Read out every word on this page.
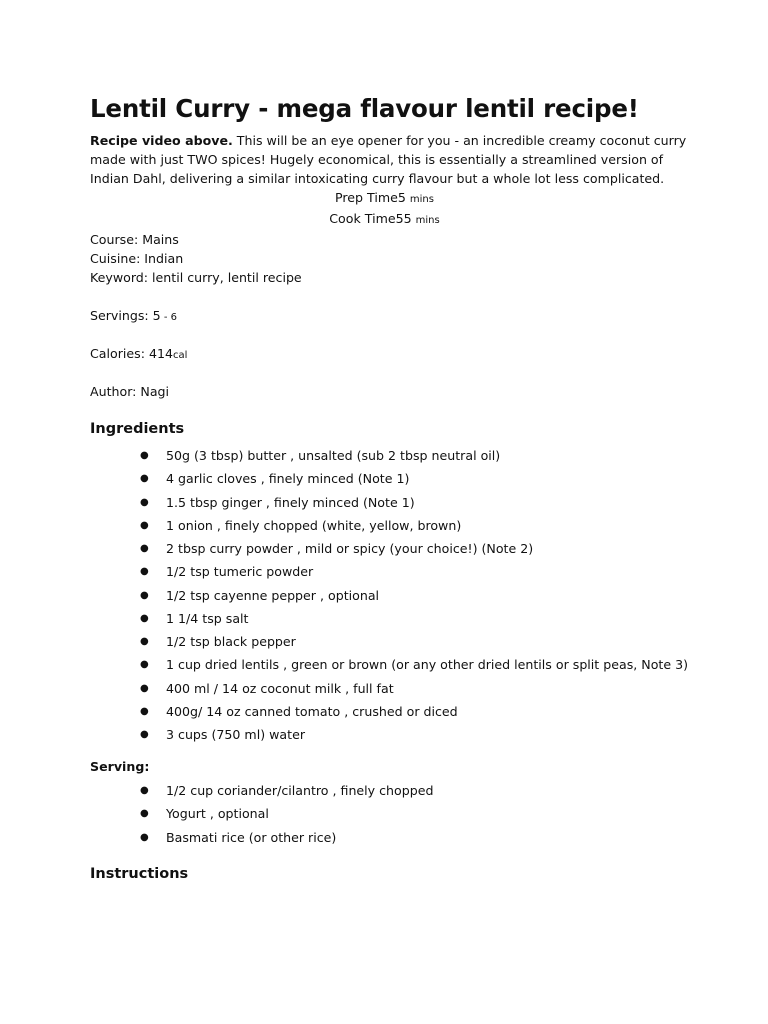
Lentil Curry - mega flavour lentil recipe!

Recipe video above. This will be an eye opener for you - an incredible creamy coconut curry made with just TWO spices! Hugely economical, this is essentially a streamlined version of Indian Dahl, delivering a similar intoxicating curry flavour but a whole lot less complicated.

Prep Time5 mins
Cook Time55 mins
Course: Mains
Cuisine: Indian
Keyword: lentil curry, lentil recipe
Servings: 5 - 6
Calories: 414cal
Author: Nagi
Ingredients
● 50g (3 tbsp) butter , unsalted (sub 2 tbsp neutral oil)
● 4 garlic cloves , finely minced (Note 1)
● 1.5 tbsp ginger , finely minced (Note 1)
● 1 onion , finely chopped (white, yellow, brown)
● 2 tbsp curry powder , mild or spicy (your choice!) (Note 2)
● 1/2 tsp tumeric powder
● 1/2 tsp cayenne pepper , optional
● 1 1/4 tsp salt
● 1/2 tsp black pepper
● 1 cup dried lentils , green or brown (or any other dried lentils or split peas, Note 3)
● 400 ml / 14 oz coconut milk , full fat
● 400g/ 14 oz canned tomato , crushed or diced
● 3 cups (750 ml) water
Serving:
● 1/2 cup coriander/cilantro , finely chopped
● Yogurt , optional
● Basmati rice (or other rice)
Instructions
